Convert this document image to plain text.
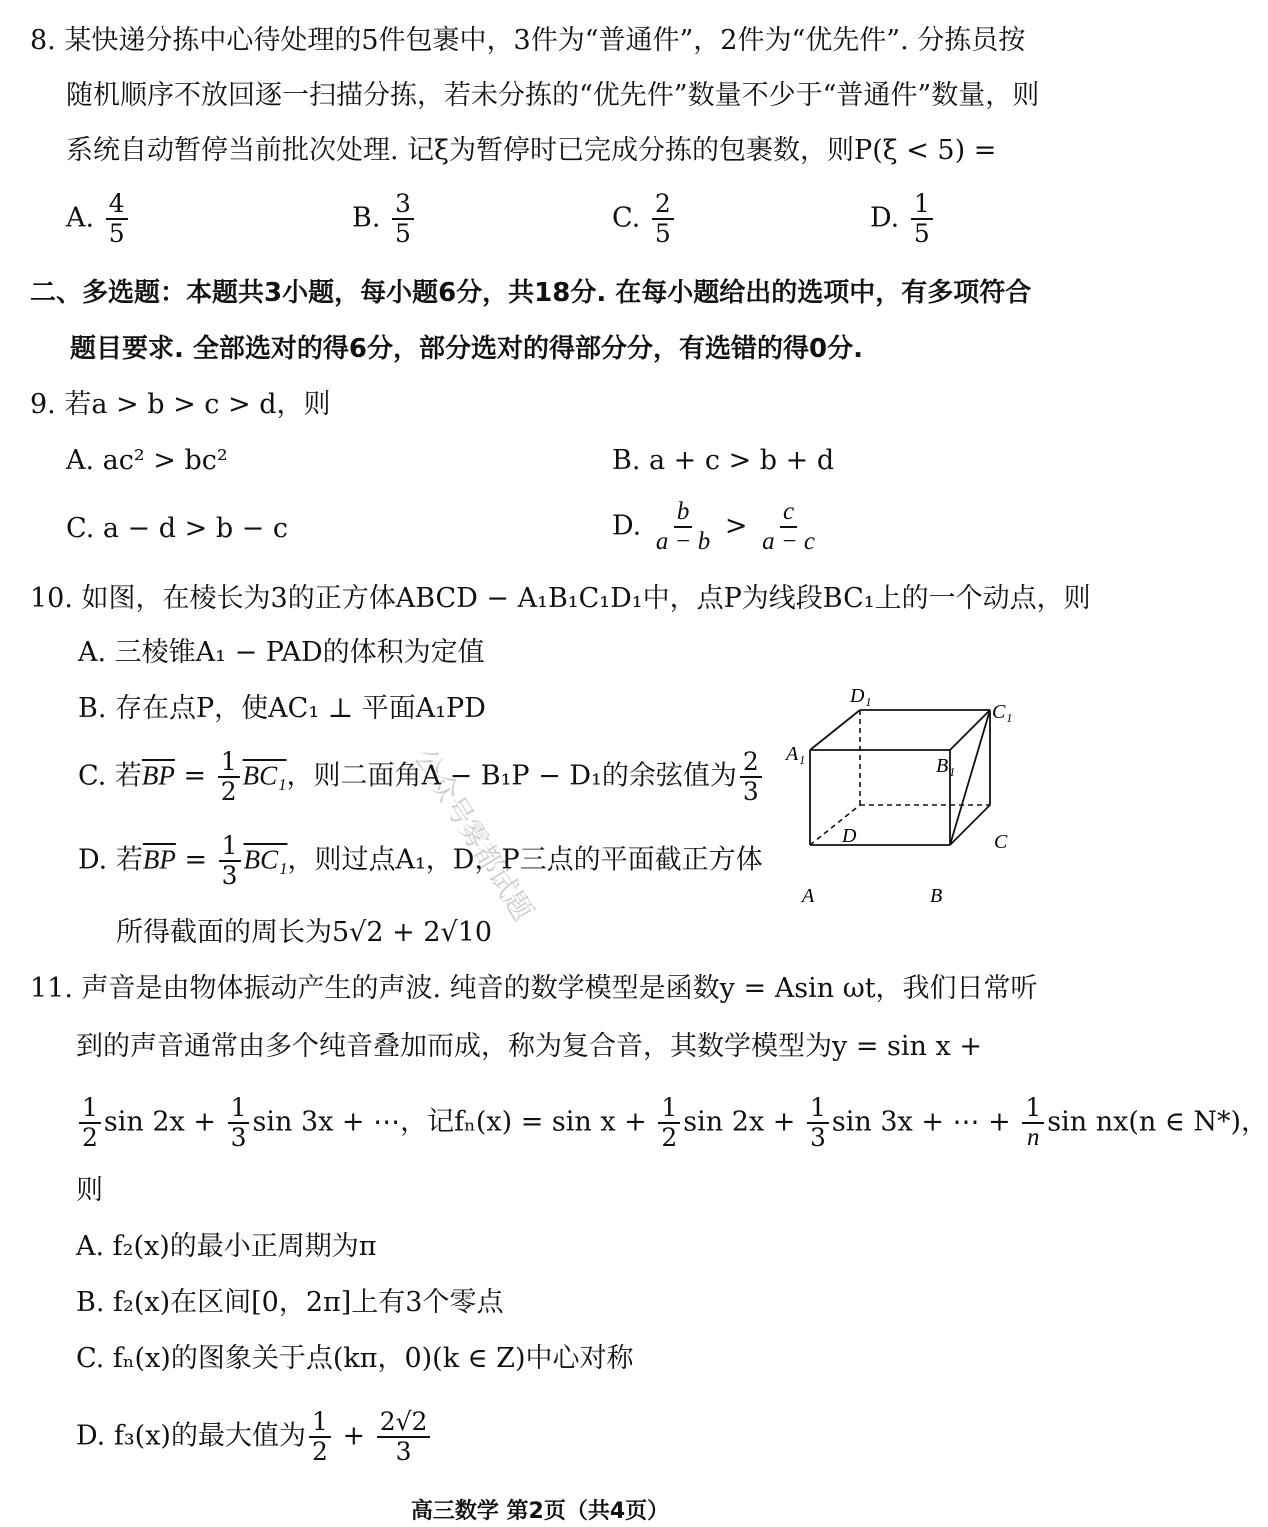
公众号雾都试题
8. 某快递分拣中心待处理的5件包裹中，3件为“普通件”，2件为“优先件”. 分拣员按
随机顺序不放回逐一扫描分拣，若未分拣的“优先件”数量不少于“普通件”数量，则
系统自动暂停当前批次处理. 记ξ为暂停时已完成分拣的包裹数，则P(ξ < 5) =
A. $\frac{4}{5}$	B. $\frac{3}{5}$	C. $\frac{2}{5}$	D. $\frac{1}{5}$
二、多选题：本题共3小题，每小题6分，共18分. 在每小题给出的选项中，有多项符合
题目要求. 全部选对的得6分，部分选对的得部分分，有选错的得0分.
9. 若a > b > c > d，则
A. ac² > bc²	B. a + c > b + d
C. a − d > b − c	D. $\frac{b}{a - b} > \frac{c}{a - c}$
10. 如图，在棱长为3的正方体ABCD − A₁B₁C₁D₁中，点P为线段BC₁上的一个动点，则
A. 三棱锥A₁ − PAD的体积为定值
B. 存在点P，使AC₁ ⊥ 平面A₁PD
C. 若$\overline{BP} = \frac{1}{2} BC_1$，则二面角A − B₁P − D₁的余弦值为 $\frac{2}{3}$
D. 若$\overline{BP} = \frac{1}{3} BC_1$，则过点A₁，D，P三点的平面截正方体
所得截面的周长为5√2 + 2√10
D₁
C₁
A₁
B₁
D	C
A	B
11. 声音是由物体振动产生的声波. 纯音的数学模型是函数y = Asin ωt，我们日常听
到的声音通常由多个纯音叠加而成，称为复合音，其数学模型为y = sin x +
$\frac{1}{2}$ $\sin 2x + \frac{1}{3}$ sin 3x + ⋯，记$f_n(x) = \sin x + \frac{1}{2}$ $\sin 2x + \frac{1}{3}$ sin 3x + ⋯ + $\frac{1}{n}$ sin nx(n ∈ N*)，
则
A. f₂(x)的最小正周期为π
B. f₂(x)在区间[0，2π]上有3个零点
C. fₙ(x)的图象关于点(kπ，0)(k ∈ Z)中心对称
D. f₃(x)的最大值为 $\frac{1}{2} + \frac{2√2}{3}$
高三数学 第2页（共4页）
